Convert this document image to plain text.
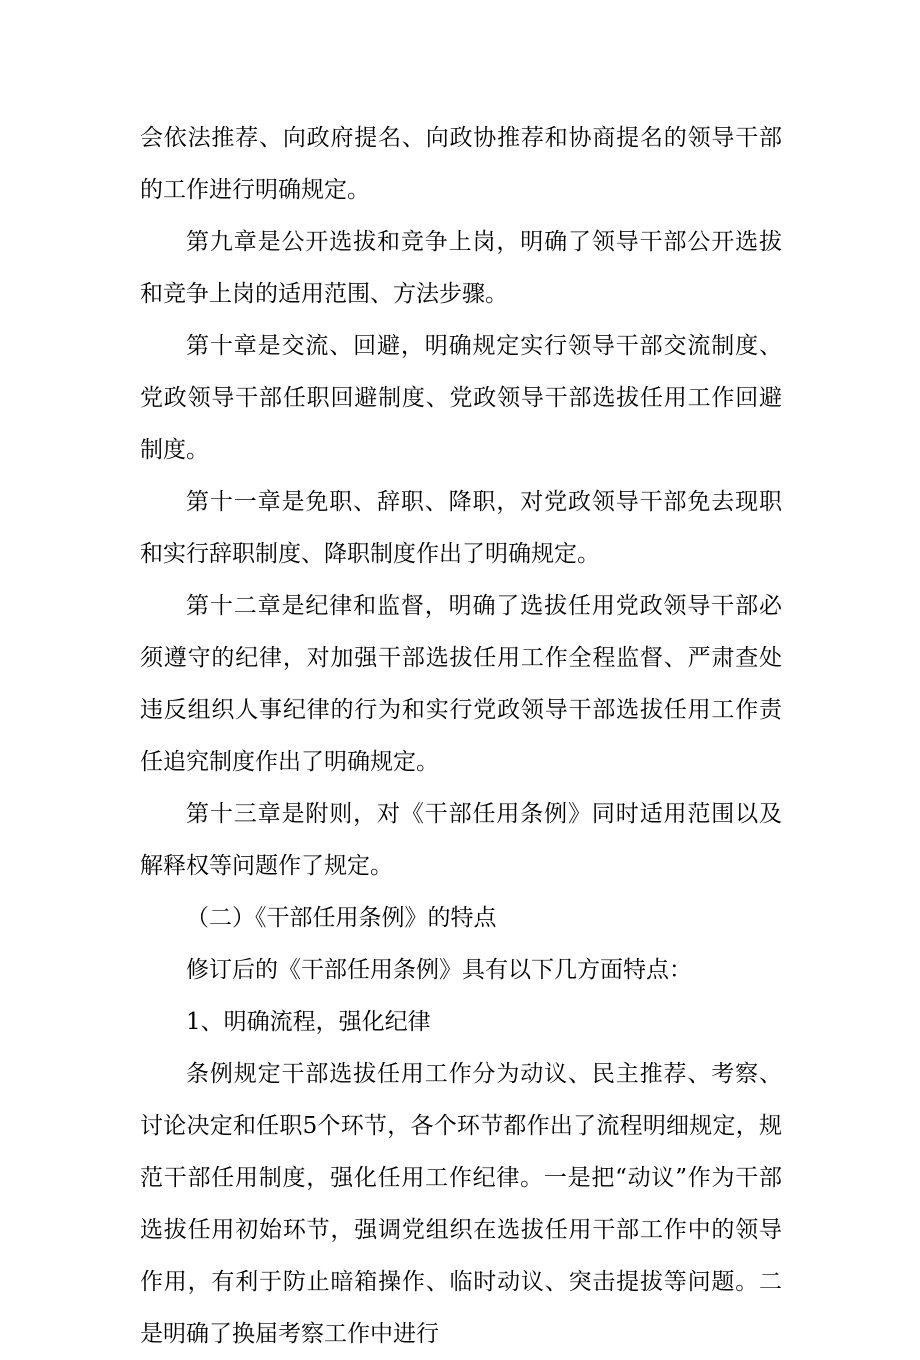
会依法推荐、向政府提名、向政协推荐和协商提名的领导干部的工作进行明确规定。

第九章是公开选拔和竞争上岗，明确了领导干部公开选拔和竞争上岗的适用范围、方法步骤。

第十章是交流、回避，明确规定实行领导干部交流制度、党政领导干部任职回避制度、党政领导干部选拔任用工作回避制度。

第十一章是免职、辞职、降职，对党政领导干部免去现职和实行辞职制度、降职制度作出了明确规定。

第十二章是纪律和监督，明确了选拔任用党政领导干部必须遵守的纪律，对加强干部选拔任用工作全程监督、严肃查处违反组织人事纪律的行为和实行党政领导干部选拔任用工作责任追究制度作出了明确规定。

第十三章是附则，对《干部任用条例》同时适用范围以及解释权等问题作了规定。

（二）《干部任用条例》的特点

修订后的《干部任用条例》具有以下几方面特点：

1、明确流程，强化纪律

条例规定干部选拔任用工作分为动议、民主推荐、考察、讨论决定和任职5个环节，各个环节都作出了流程明细规定，规范干部任用制度，强化任用工作纪律。一是把“动议”作为干部选拔任用初始环节，强调党组织在选拔任用干部工作中的领导作用，有利于防止暗箱操作、临时动议、突击提拔等问题。二是明确了换届考察工作中进行
